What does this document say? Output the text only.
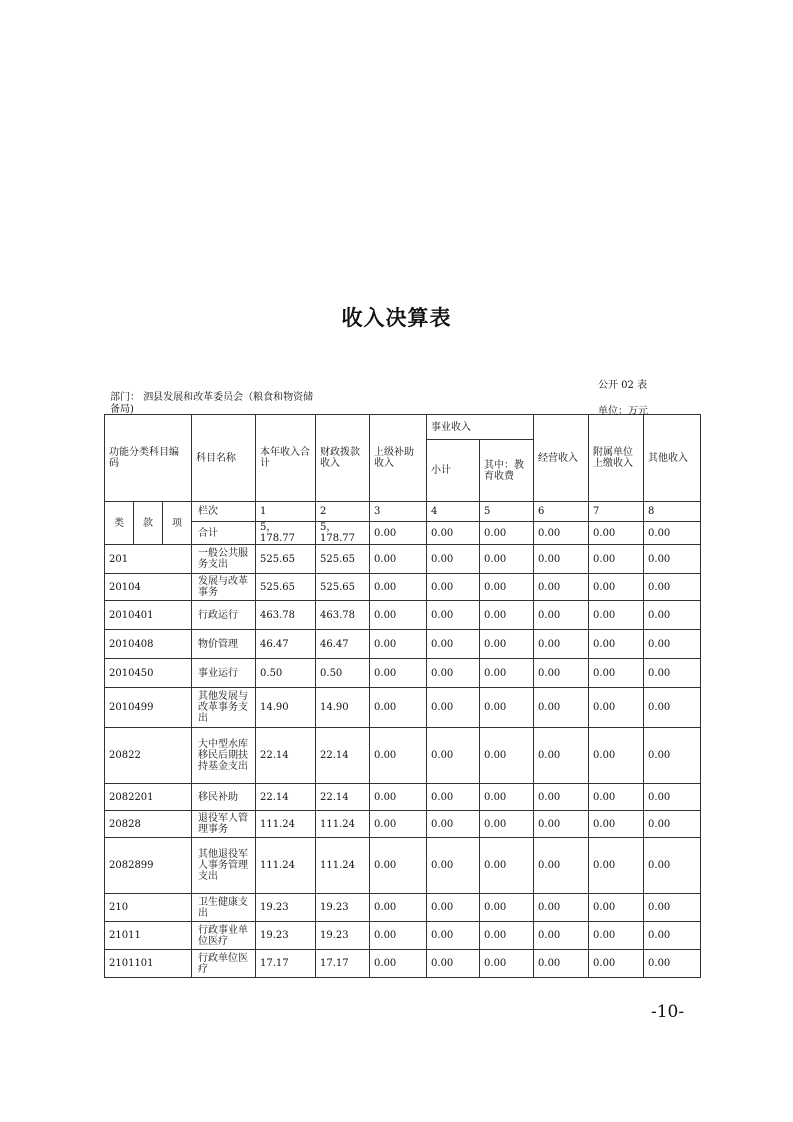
收入决算表
公开 02 表
部门： 泗县发展和改革委员会（粮食和物资储备局)	单位：万元
功能分类科目编码			科目名称	本年收入合计	财政拨款收入	上级补助收入	事业收入		经营收入	附属单位上缴收入	其他收入
							小计	其中：教育收费			
类	款	项	栏次	1	2	3	4	5	6	7	8
			合计	5，178.77	5，178.77	0.00	0.00	0.00	0.00	0.00	0.00
201			一般公共服务支出	525.65	525.65	0.00	0.00	0.00	0.00	0.00	0.00
20104			发展与改革事务	525.65	525.65	0.00	0.00	0.00	0.00	0.00	0.00
2010401			行政运行	463.78	463.78	0.00	0.00	0.00	0.00	0.00	0.00
2010408			物价管理	46.47	46.47	0.00	0.00	0.00	0.00	0.00	0.00
2010450			事业运行	0.50	0.50	0.00	0.00	0.00	0.00	0.00	0.00
2010499			其他发展与改革事务支出	14.90	14.90	0.00	0.00	0.00	0.00	0.00	0.00
20822			大中型水库移民后期扶持基金支出	22.14	22.14	0.00	0.00	0.00	0.00	0.00	0.00
2082201			移民补助	22.14	22.14	0.00	0.00	0.00	0.00	0.00	0.00
20828			退役军人管理事务	111.24	111.24	0.00	0.00	0.00	0.00	0.00	0.00
2082899			其他退役军人事务管理支出	111.24	111.24	0.00	0.00	0.00	0.00	0.00	0.00
210			卫生健康支出	19.23	19.23	0.00	0.00	0.00	0.00	0.00	0.00
21011			行政事业单位医疗	19.23	19.23	0.00	0.00	0.00	0.00	0.00	0.00
2101101			行政单位医疗	17.17	17.17	0.00	0.00	0.00	0.00	0.00	0.00
-10-
